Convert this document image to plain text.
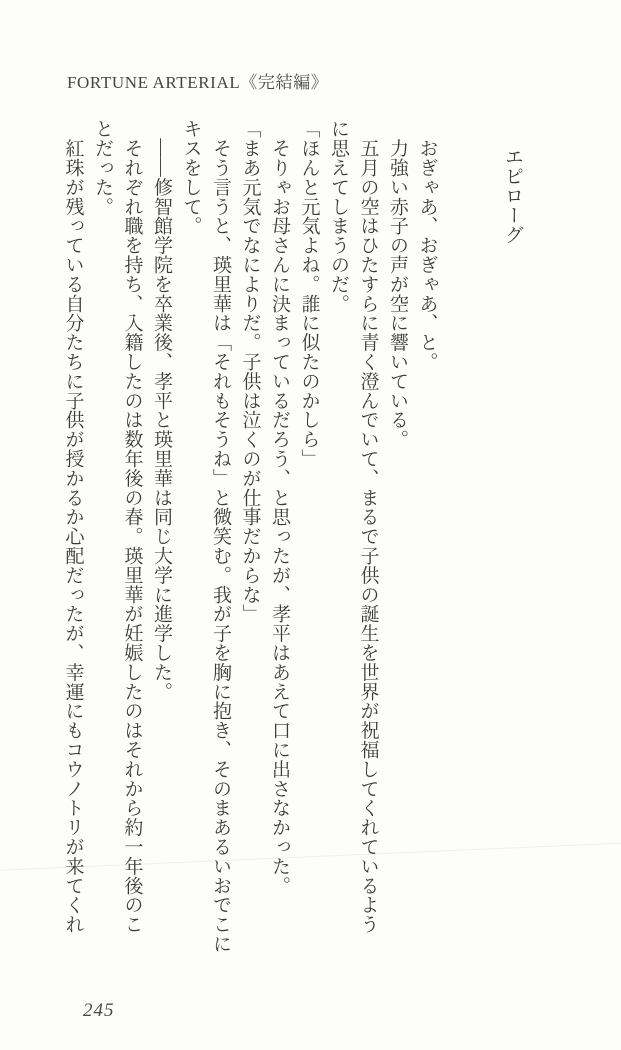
FORTUNE ARTERIAL《完結編》
エピローグ
　おぎゃあ、おぎゃあ、と。
　力強い赤子の声が空に響いている。
　五月の空はひたすらに青く澄んでいて、まるで子供の誕生を世界が祝福してくれているよう
に思えてしまうのだ。
「ほんと元気よね。誰に似たのかしら」
　そりゃお母さんに決まっているだろう、と思ったが、孝平はあえて口に出さなかった。
「まあ元気でなによりだ。子供は泣くのが仕事だからな」
　そう言うと、瑛里華は「それもそうね」と微笑む。我が子を胸に抱き、そのまあるいおでこに
キスをして。
　――修智館学院を卒業後、孝平と瑛里華は同じ大学に進学した。
　それぞれ職を持ち、入籍したのは数年後の春。瑛里華が妊娠したのはそれから約一年後のこ
とだった。
　紅珠が残っている自分たちに子供が授かるか心配だったが、幸運にもコウノトリが来てくれ
245
